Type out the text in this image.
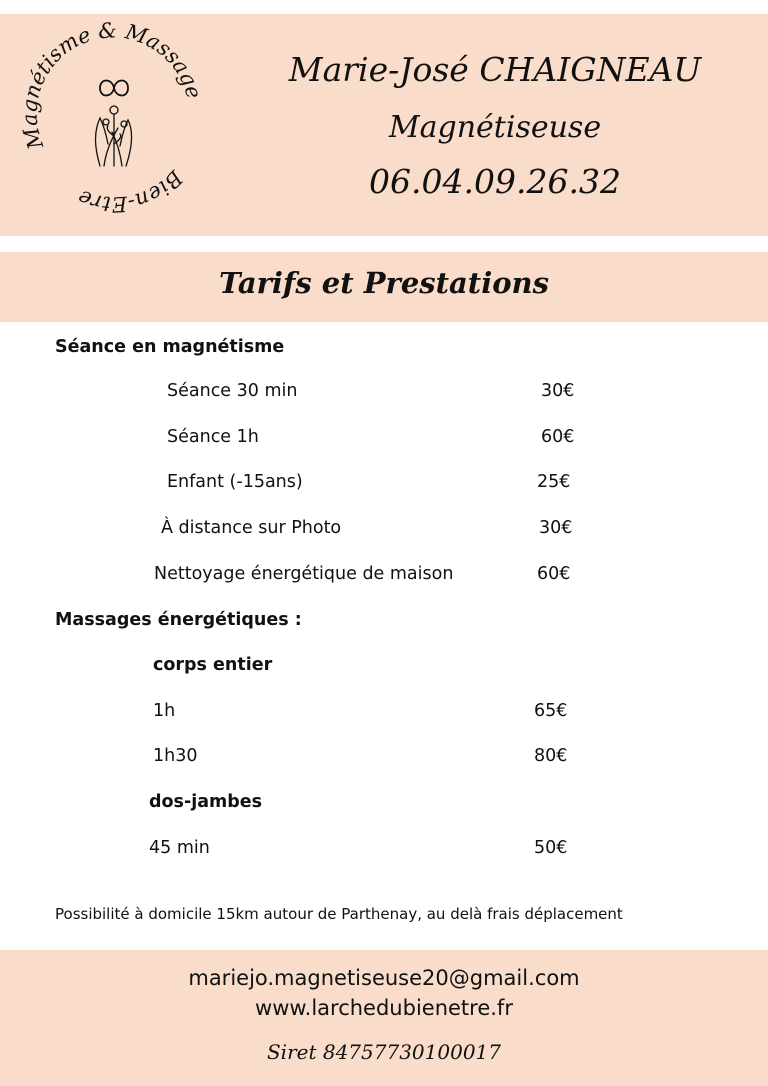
Magnétisme & Massage
Bien-Etre
Marie-José CHAIGNEAU
Magnétiseuse
06.04.09.26.32
Tarifs et Prestations
Séance en magnétisme
Séance 30 min	30€
Séance 1h	60€
Enfant (-15ans)	25€
À distance sur Photo	30€
Nettoyage énergétique de maison	60€
Massages énergétiques :
corps entier
1h	65€
1h30	80€
dos-jambes
45 min	50€
Possibilité à domicile 15km autour de Parthenay, au delà frais déplacement
mariejo.magnetiseuse20@gmail.com
www.larchedubienetre.fr
Siret 84757730100017
